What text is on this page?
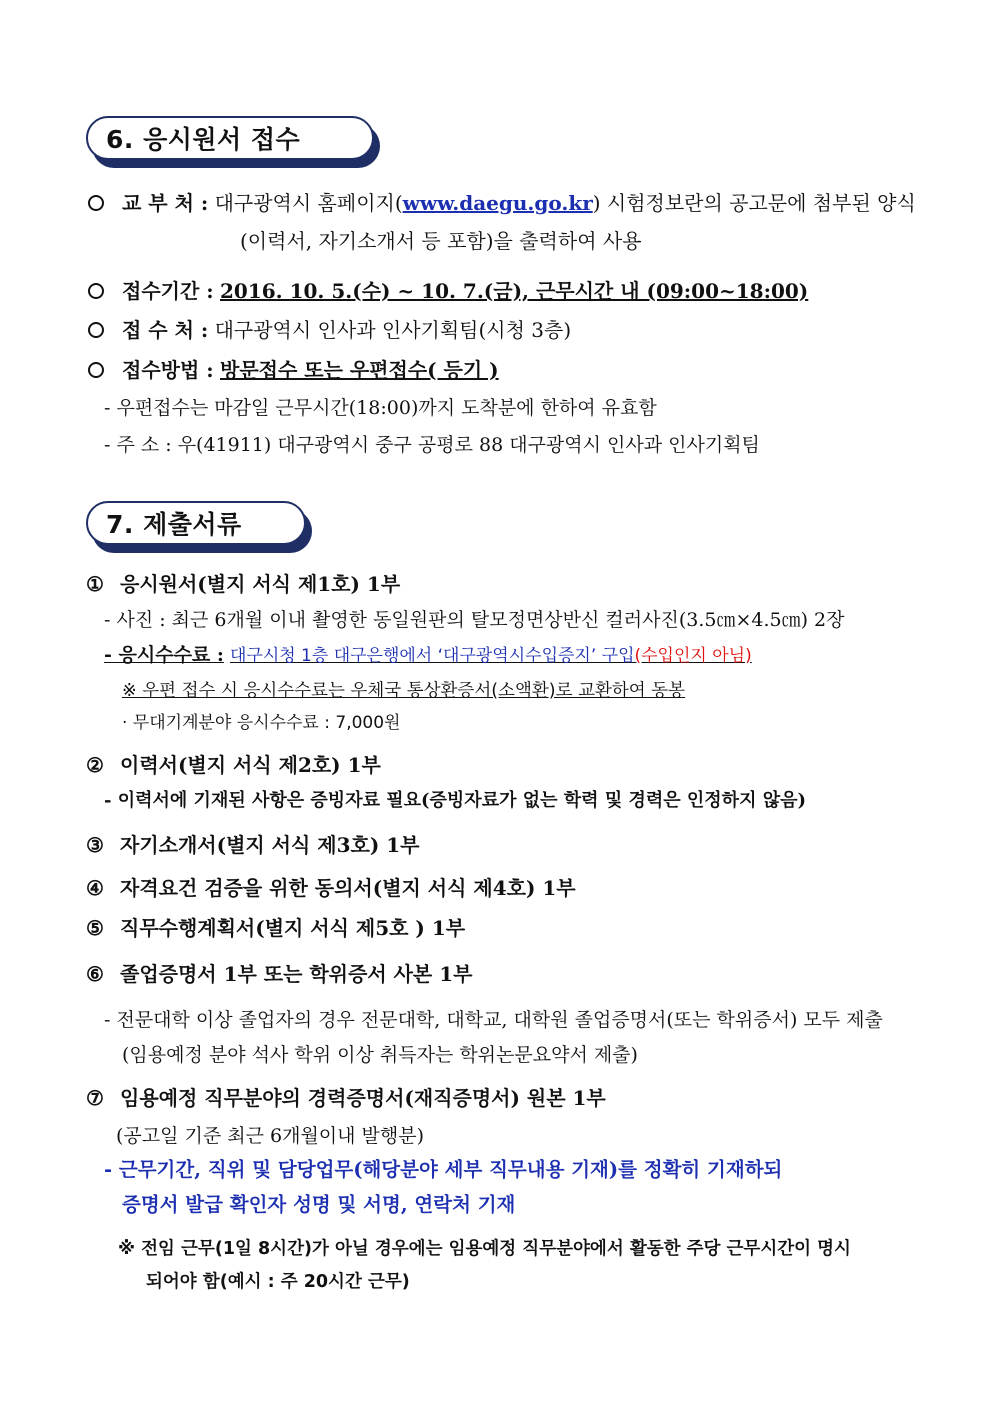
6. 응시원서 접수
교 부 처 : 대구광역시 홈페이지(www.daegu.go.kr) 시험정보란의 공고문에 첨부된 양식
(이력서, 자기소개서 등 포함)을 출력하여 사용
접수기간 : 2016. 10. 5.(수) ~ 10. 7.(금), 근무시간 내 (09:00~18:00)
접 수 처 : 대구광역시 인사과 인사기획팀(시청 3층)
접수방법 : 방문접수 또는 우편접수( 등기 )
- 우편접수는 마감일 근무시간(18:00)까지 도착분에 한하여 유효함
- 주 소 : 우(41911) 대구광역시 중구 공평로 88 대구광역시 인사과 인사기획팀
7. 제출서류
① 응시원서(별지 서식 제1호) 1부
- 사진 : 최근 6개월 이내 촬영한 동일원판의 탈모정면상반신 컬러사진(3.5㎝×4.5㎝) 2장
- 응시수수료 : 대구시청 1층 대구은행에서 ‘대구광역시수입증지’ 구입(수입인지 아님)
※ 우편 접수 시 응시수수료는 우체국 통상환증서(소액환)로 교환하여 동봉
· 무대기계분야 응시수수료 : 7,000원
② 이력서(별지 서식 제2호) 1부
- 이력서에 기재된 사항은 증빙자료 필요(증빙자료가 없는 학력 및 경력은 인정하지 않음)
③ 자기소개서(별지 서식 제3호) 1부
④ 자격요건 검증을 위한 동의서(별지 서식 제4호) 1부
⑤ 직무수행계획서(별지 서식 제5호 ) 1부
⑥ 졸업증명서 1부 또는 학위증서 사본 1부
- 전문대학 이상 졸업자의 경우 전문대학, 대학교, 대학원 졸업증명서(또는 학위증서) 모두 제출
(임용예정 분야 석사 학위 이상 취득자는 학위논문요약서 제출)
⑦ 임용예정 직무분야의 경력증명서(재직증명서) 원본 1부
(공고일 기준 최근 6개월이내 발행분)
- 근무기간, 직위 및 담당업무(해당분야 세부 직무내용 기재)를 정확히 기재하되
증명서 발급 확인자 성명 및 서명, 연락처 기재
※ 전임 근무(1일 8시간)가 아닐 경우에는 임용예정 직무분야에서 활동한 주당 근무시간이 명시
되어야 함(예시 : 주 20시간 근무)
